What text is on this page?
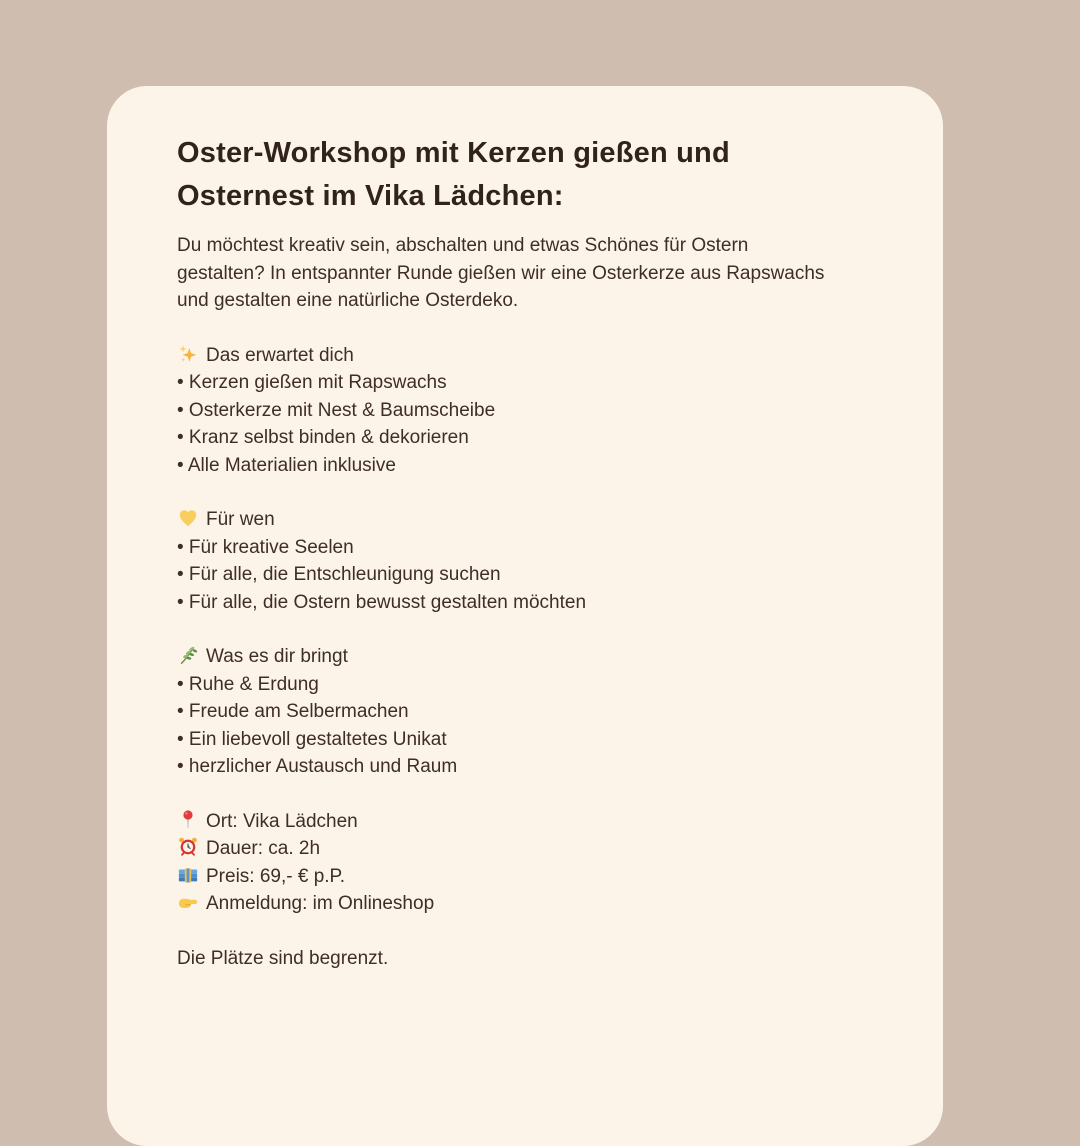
Oster-Workshop mit Kerzen gießen und
Osternest im Vika Lädchen:
Du möchtest kreativ sein, abschalten und etwas Schönes für Ostern
gestalten? In entspannter Runde gießen wir eine Osterkerze aus Rapswachs
und gestalten eine natürliche Osterdeko.
Das erwartet dich
• Kerzen gießen mit Rapswachs
• Osterkerze mit Nest & Baumscheibe
• Kranz selbst binden & dekorieren
• Alle Materialien inklusive
Für wen
• Für kreative Seelen
• Für alle, die Entschleunigung suchen
• Für alle, die Ostern bewusst gestalten möchten
Was es dir bringt
• Ruhe & Erdung
• Freude am Selbermachen
• Ein liebevoll gestaltetes Unikat
• herzlicher Austausch und Raum
Ort: Vika Lädchen
Dauer: ca. 2h
Preis: 69,- € p.P.
Anmeldung: im Onlineshop
Die Plätze sind begrenzt.
